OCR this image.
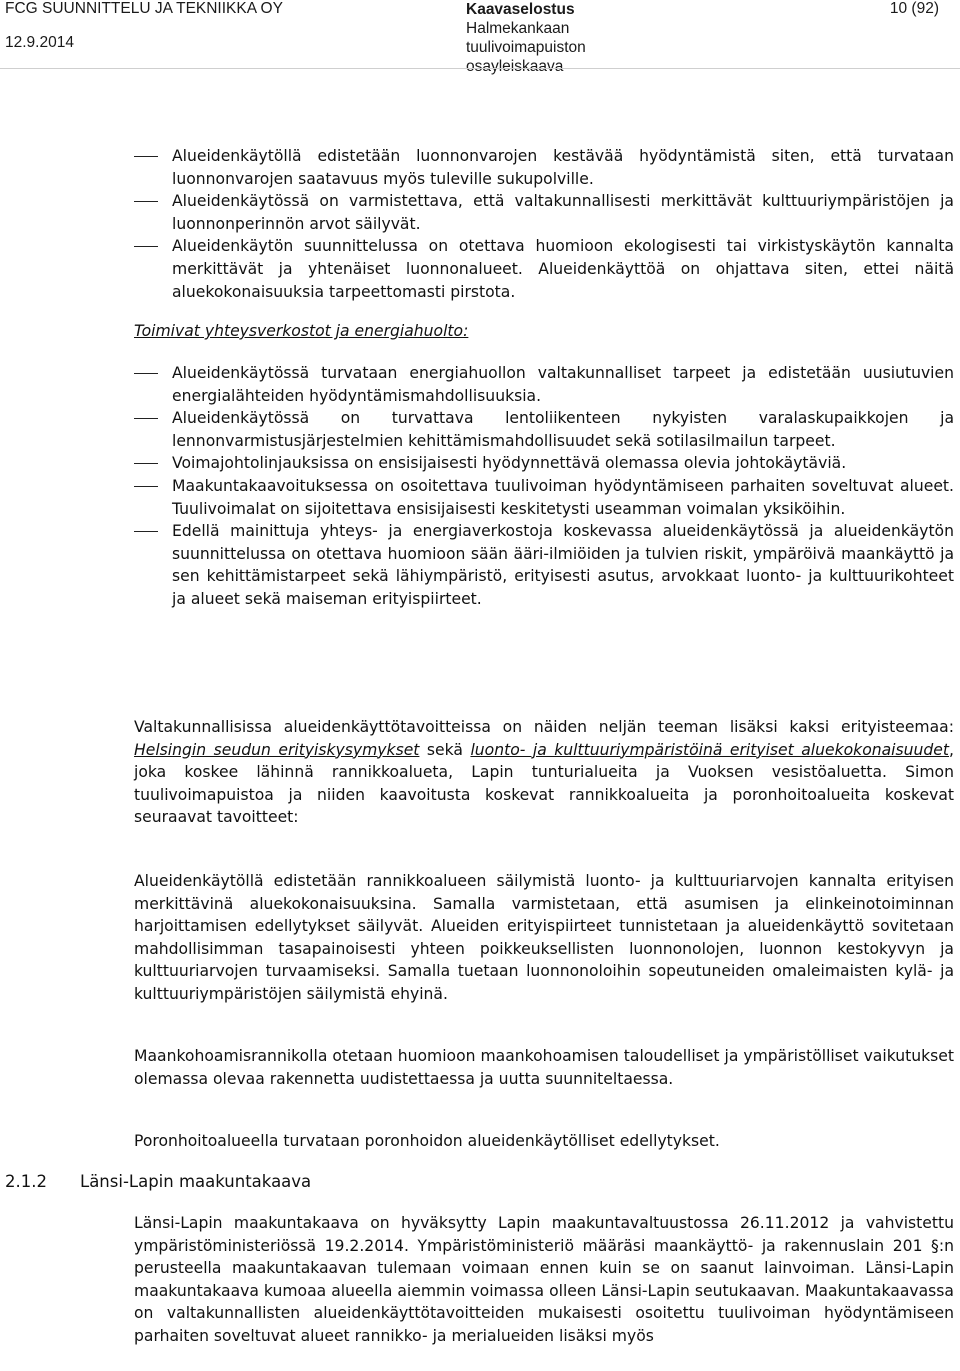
FCG SUUNNITTELU JA TEKNIIKKA OY
12.9.2014
Kaavaselostus
Halmekankaan
tuulivoimapuiston
osayleiskaava
10 (92)
Alueidenkäytöllä edistetään luonnonvarojen kestävää hyödyntämistä siten, että turvataan luonnonvarojen saatavuus myös tuleville sukupolville.
Alueidenkäytössä on varmistettava, että valtakunnallisesti merkittävät kulttuuriympäristöjen ja luonnonperinnön arvot säilyvät.
Alueidenkäytön suunnittelussa on otettava huomioon ekologisesti tai virkistyskäytön kannalta merkittävät ja yhtenäiset luonnonalueet. Alueidenkäyttöä on ohjattava siten, ettei näitä aluekokonaisuuksia tarpeettomasti pirstota.
Toimivat yhteysverkostot ja energiahuolto:
Alueidenkäytössä turvataan energiahuollon valtakunnalliset tarpeet ja edistetään uusiutuvien energialähteiden hyödyntämismahdollisuuksia.
Alueidenkäytössä on turvattava lentoliikenteen nykyisten varalaskupaikkojen ja lennonvarmistusjärjestelmien kehittämismahdollisuudet sekä sotilasilmailun tarpeet.
Voimajohtolinjauksissa on ensisijaisesti hyödynnettävä olemassa olevia johtokäytäviä.
Maakuntakaavoituksessa on osoitettava tuulivoiman hyödyntämiseen parhaiten soveltuvat alueet. Tuulivoimalat on sijoitettava ensisijaisesti keskitetysti useamman voimalan yksiköihin.
Edellä mainittuja yhteys- ja energiaverkostoja koskevassa alueidenkäytössä ja alueidenkäytön suunnittelussa on otettava huomioon sään ääri-ilmiöiden ja tulvien riskit, ympäröivä maankäyttö ja sen kehittämistarpeet sekä lähiympäristö, erityisesti asutus, arvokkaat luonto- ja kulttuurikohteet ja alueet sekä maiseman erityispiirteet.

Valtakunnallisissa alueidenkäyttötavoitteissa on näiden neljän teeman lisäksi kaksi erityisteemaa: Helsingin seudun erityiskysymykset sekä luonto- ja kulttuuriympäristöinä erityiset aluekokonaisuudet, joka koskee lähinnä rannikkoalueta, Lapin tunturialueita ja Vuoksen vesistöaluetta. Simon tuulivoimapuistoa ja niiden kaavoitusta koskevat rannikkoalueita ja poronhoitoalueita koskevat seuraavat tavoitteet:

Alueidenkäytöllä edistetään rannikkoalueen säilymistä luonto- ja kulttuuriarvojen kannalta erityisen merkittävinä aluekokonaisuuksina. Samalla varmistetaan, että asumisen ja elinkeinotoiminnan harjoittamisen edellytykset säilyvät. Alueiden erityispiirteet tunnistetaan ja alueidenkäyttö sovitetaan mahdollisimman tasapainoisesti yhteen poikkeuksellisten luonnonolojen, luonnon kestokyvyn ja kulttuuriarvojen turvaamiseksi. Samalla tuetaan luonnonoloihin sopeutuneiden omaleimaisten kylä- ja kulttuuriympäristöjen säilymistä ehyinä.

Maankohoamisrannikolla otetaan huomioon maankohoamisen taloudelliset ja ympäristölliset vaikutukset olemassa olevaa rakennetta uudistettaessa ja uutta suunniteltaessa.

Poronhoitoalueella turvataan poronhoidon alueidenkäytölliset edellytykset.

2.1.2 Länsi-Lapin maakuntakaava

Länsi-Lapin maakuntakaava on hyväksytty Lapin maakuntavaltuustossa 26.11.2012 ja vahvistettu ympäristöministeriössä 19.2.2014. Ympäristöministeriö määräsi maankäyttö- ja rakennuslain 201 §:n perusteella maakuntakaavan tulemaan voimaan ennen kuin se on saanut lainvoiman. Länsi-Lapin maakuntakaava kumoaa alueella aiemmin voimassa olleen Länsi-Lapin seutukaavan. Maakuntakaavassa on valtakunnallisten alueidenkäyttötavoitteiden mukaisesti osoitettu tuulivoiman hyödyntämiseen parhaiten soveltuvat alueet rannikko- ja merialueiden lisäksi myös
